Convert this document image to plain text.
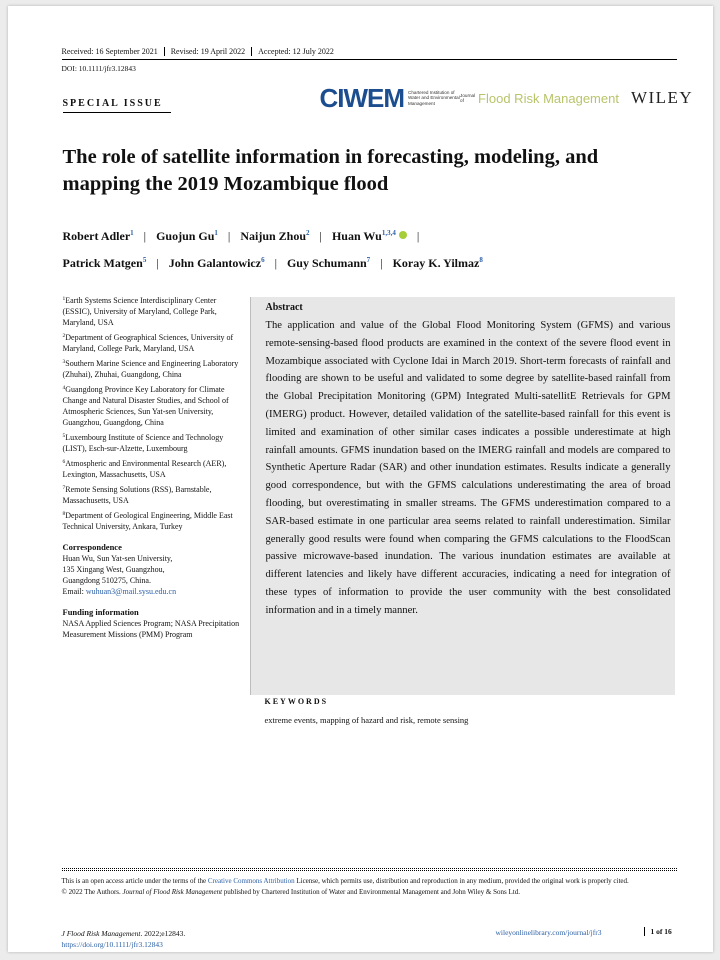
Received: 16 September 2021	Revised: 19 April 2022	Accepted: 12 July 2022
DOI: 10.1111/jfr3.12843
SPECIAL ISSUE	CIWEM Chartered Institution of Water and Environmental Management
Journal of	Flood Risk Management WILEY
The role of satellite information in forecasting, modeling, and mapping the 2019 Mozambique flood
Robert Adler$^1$ | Guojun Gu$^1$ | Naijun Zhou$^2$ | Huan Wu$^{1,3,4}$ |
Patrick Matgen$^5$ | John Galantowicz$^6$ | Guy Schumann$^7$ | Koray K. Yilmaz$^8$
$^1$Earth Systems Science Interdisciplinary Center (ESSIC), University of Maryland, College Park, Maryland, USA
$^2$Department of Geographical Sciences, University of Maryland, College Park, Maryland, USA
$^3$Southern Marine Science and Engineering Laboratory (Zhuhai), Zhuhai, Guangdong, China
$^4$Guangdong Province Key Laboratory for Climate Change and Natural Disaster Studies, and School of Atmospheric Sciences, Sun Yat-sen University, Guangzhou, Guangdong, China
$^5$Luxembourg Institute of Science and Technology (LIST), Esch-sur-Alzette, Luxembourg
$^6$Atmospheric and Environmental Research (AER), Lexington, Massachusetts, USA
$^7$Remote Sensing Solutions (RSS), Barnstable, Massachusetts, USA
$^8$Department of Geological Engineering, Middle East Technical University, Ankara, Turkey
Correspondence
Huan Wu, Sun Yat-sen University,
135 Xingang West, Guangzhou,
Guangdong 510275, China.
Email: wuhuan3@mail.sysu.edu.cn
Funding information
NASA Applied Sciences Program; NASA Precipitation Measurement Missions (PMM) Program
Abstract

The application and value of the Global Flood Monitoring System (GFMS) and various remote-sensing-based flood products are examined in the context of the severe flood event in Mozambique associated with Cyclone Idai in March 2019. Short-term forecasts of rainfall and flooding are shown to be useful and validated to some degree by satellite-based rainfall from the Global Precipitation Monitoring (GPM) Integrated Multi-satellitE Retrievals for GPM (IMERG) product. However, detailed validation of the satellite-based rainfall for this event is limited and examination of other similar cases indicates a possible underestimate at high rainfall amounts. GFMS inundation based on the IMERG rainfall and models are compared to Synthetic Aperture Radar (SAR) and other inundation estimates. Results indicate a generally good correspondence, but with the GFMS calculations underestimating the area of broad flooding, but overestimating in smaller streams. The GFMS underestimation compared to a SAR-based estimate in one particular area seems related to rainfall underestimation. Similar generally good results were found when comparing the GFMS calculations to the FloodScan passive microwave-based inundation. The various inundation estimates are available at different latencies and likely have different accuracies, indicating a need for integration of these types of information to provide the user community with the best consolidated information and in a timely manner.

KEYWORDS
extreme events, mapping of hazard and risk, remote sensing
This is an open access article under the terms of the Creative Commons Attribution License, which permits use, distribution and reproduction in any medium, provided the original work is properly cited.
© 2022 The Authors. Journal of Flood Risk Management published by Chartered Institution of Water and Environmental Management and John Wiley & Sons Ltd.
J Flood Risk Management. 2022;e12843.
https://doi.org/10.1111/jfr3.12843
wileyonlinelibrary.com/journal/jfr3	1 of 16
